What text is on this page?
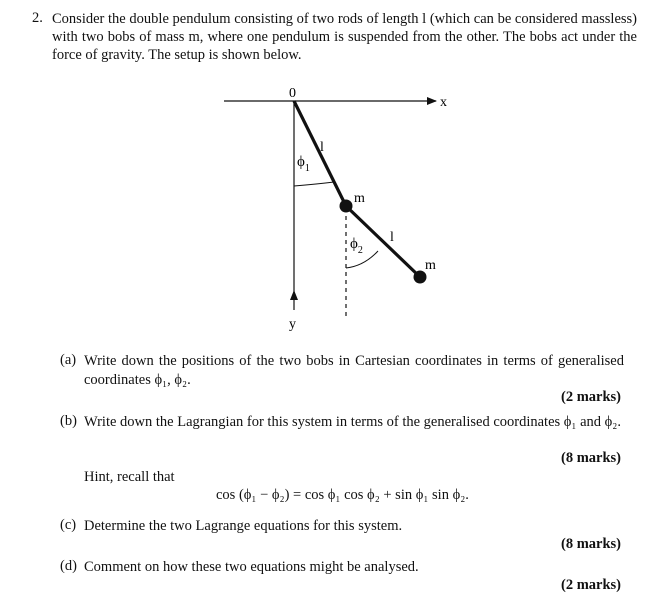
2. Consider the double pendulum consisting of two rods of length l (which can be considered massless) with two bobs of mass m, where one pendulum is suspended from the other. The bobs act under the force of gravity. The setup is shown below.
0
x
y
l
l
m
m
$\phi_1$
$\phi_2$
(a) Write down the positions of the two bobs in Cartesian coordinates in terms of generalised coordinates ϕ₁, ϕ₂.
(2 marks)
(b) Write down the Lagrangian for this system in terms of the generalised coordinates ϕ₁ and ϕ₂.
(8 marks)
Hint, recall that
cos (ϕ₁ − ϕ₂) = cos ϕ₁ cos ϕ₂ + sin ϕ₁ sin ϕ₂.
(c) Determine the two Lagrange equations for this system.
(8 marks)
(d) Comment on how these two equations might be analysed.
(2 marks)
